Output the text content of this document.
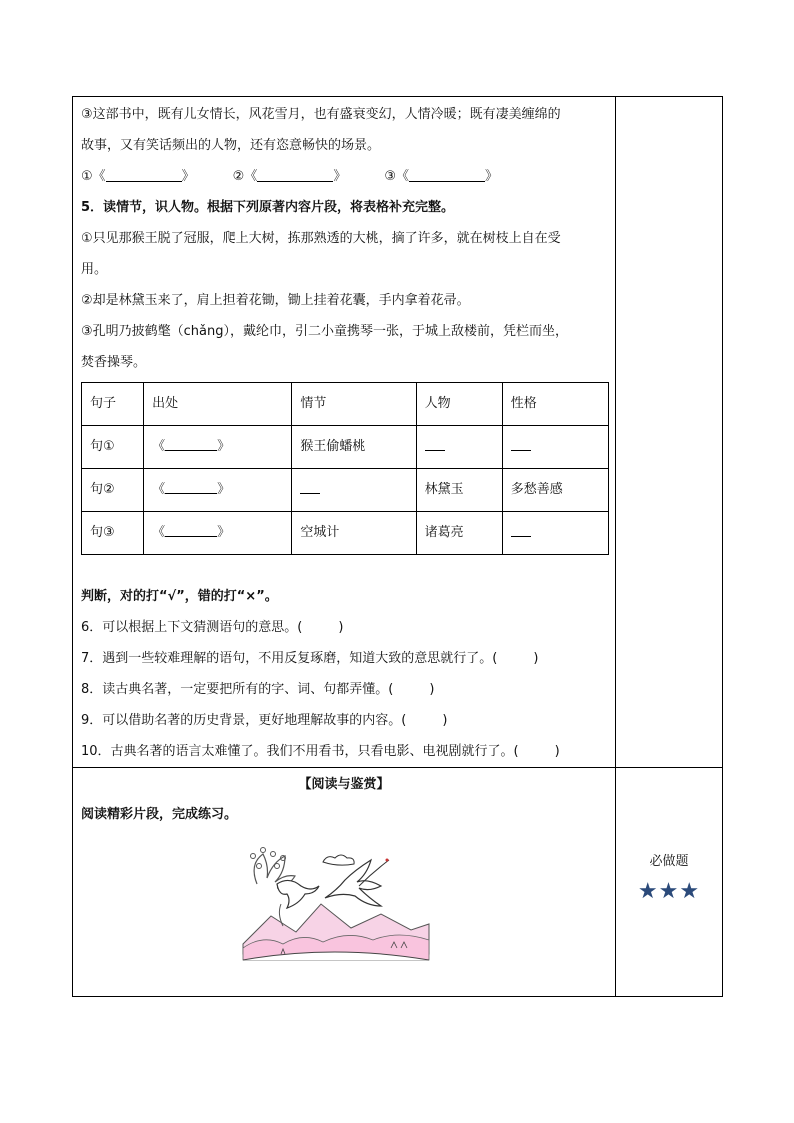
③这部书中，既有儿女情长，风花雪月，也有盛衰变幻，人情冷暖；既有凄美缠绵的
故事，又有笑话频出的人物，还有恣意畅快的场景。
①《	》	②《	》	③《	》
5．读情节，识人物。根据下列原著内容片段，将表格补充完整。
①只见那猴王脱了冠服，爬上大树，拣那熟透的大桃，摘了许多，就在树枝上自在受
用。
②却是林黛玉来了，肩上担着花锄，锄上挂着花囊，手内拿着花帚。
③孔明乃披鹤氅（chǎng），戴纶巾，引二小童携琴一张，于城上敌楼前，凭栏而坐，
焚香操琴。
句子	出处	情节	人物	性格
句①	《	》	猴王偷蟠桃		
句②	《	》		林黛玉	多愁善感
句③	《	》	空城计	诸葛亮	
判断，对的打“√”，错的打“×”。
6．可以根据上下文猜测语句的意思。(	)
7．遇到一些较难理解的语句，不用反复琢磨，知道大致的意思就行了。(	)
8．读古典名著，一定要把所有的字、词、句都弄懂。(	)
9．可以借助名著的历史背景，更好地理解故事的内容。(	)
10．古典名著的语言太难懂了。我们不用看书，只看电影、电视剧就行了。(	)

【阅读与鉴赏】
阅读精彩片段，完成练习。

必做题
★★★
